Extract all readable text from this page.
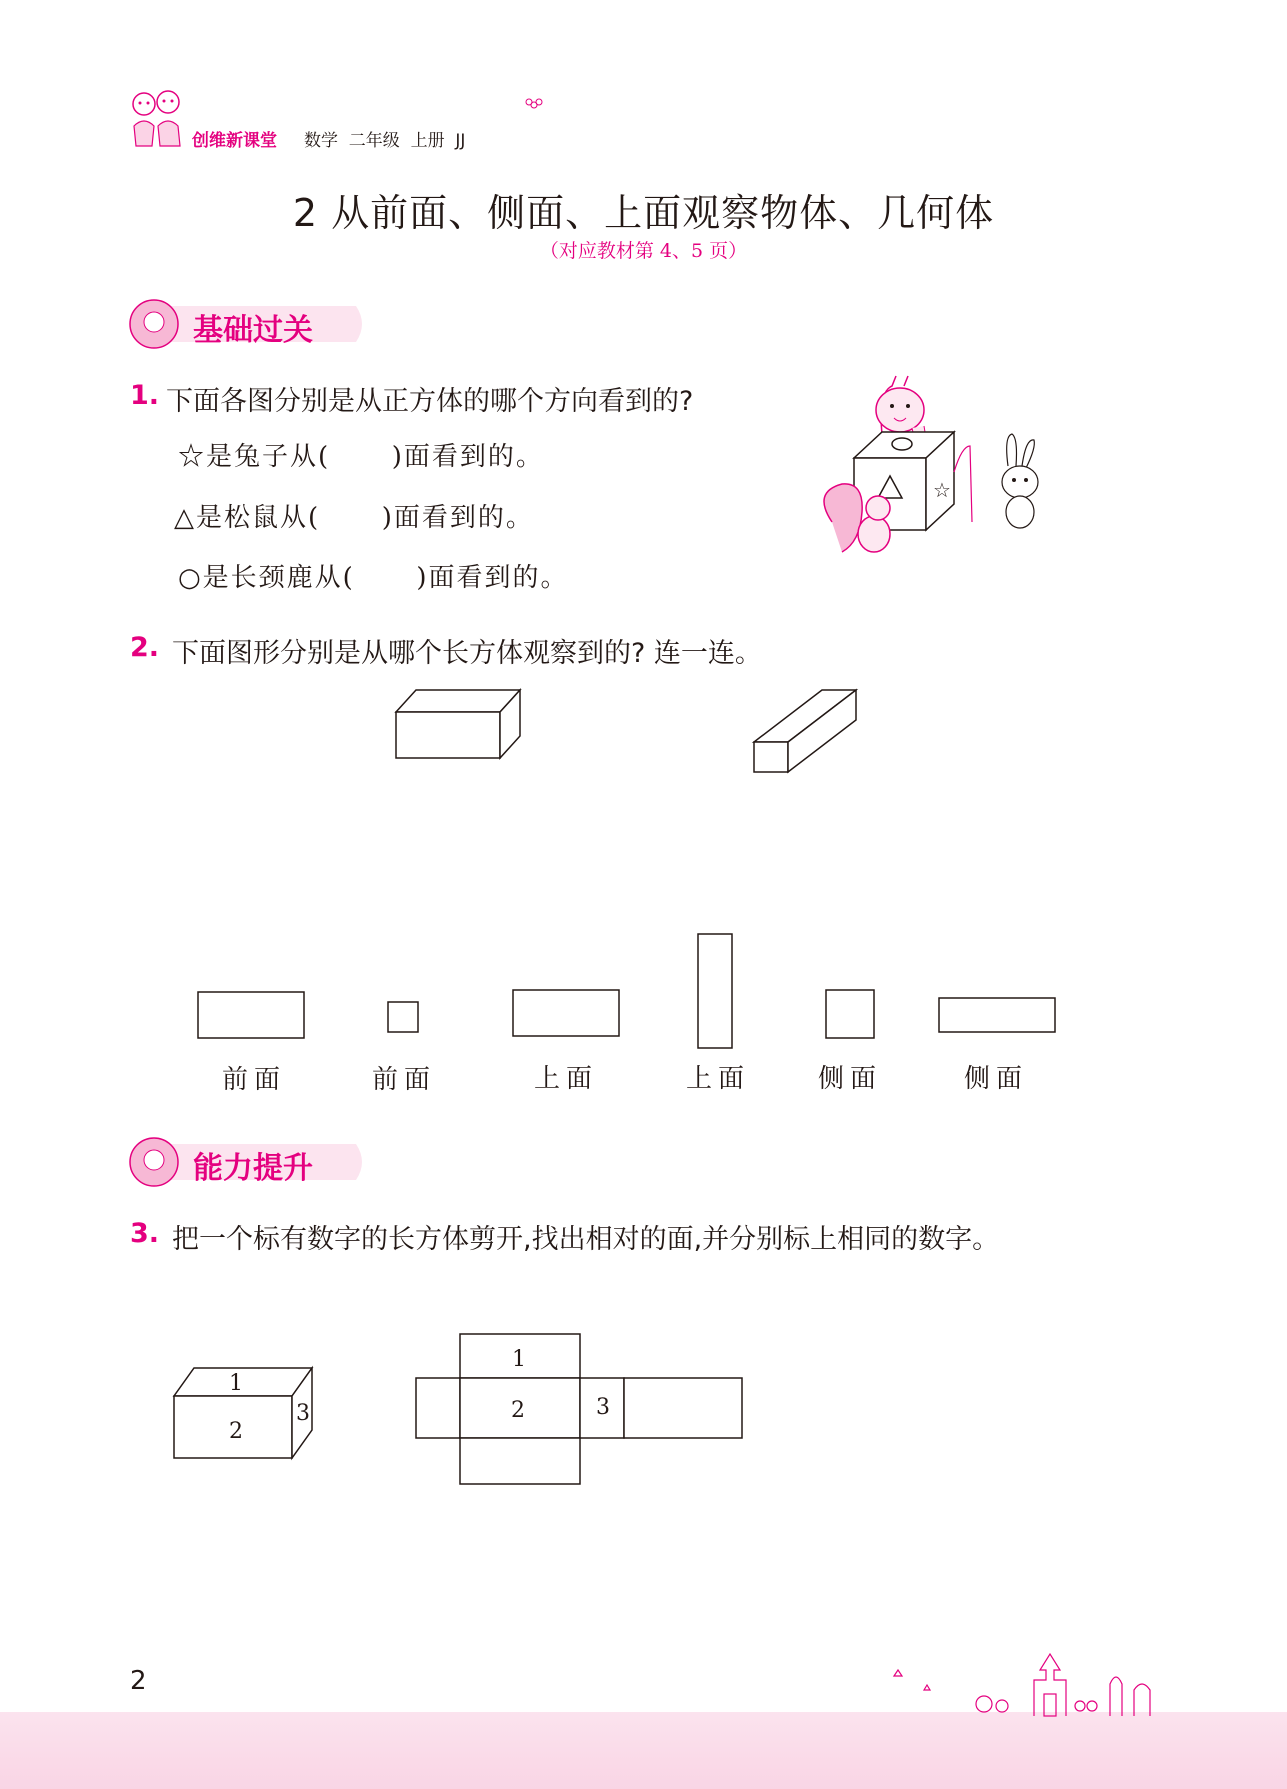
创维新课堂 数学  二年级  上册  JJ
2 从前面、侧面、上面观察物体、几何体
（对应教材第 4、5 页）
基础过关
1. 下面各图分别是从正方体的哪个方向看到的?
☆是兔子从(      )面看到的。
△是松鼠从(      )面看到的。
○是长颈鹿从(      )面看到的。
☆
2. 下面图形分别是从哪个长方体观察到的? 连一连。
前面	前面	上面	上面	侧面	侧面
能力提升
3. 把一个标有数字的长方体剪开,找出相对的面,并分别标上相同的数字。
1
2
3
1
2	3
2
